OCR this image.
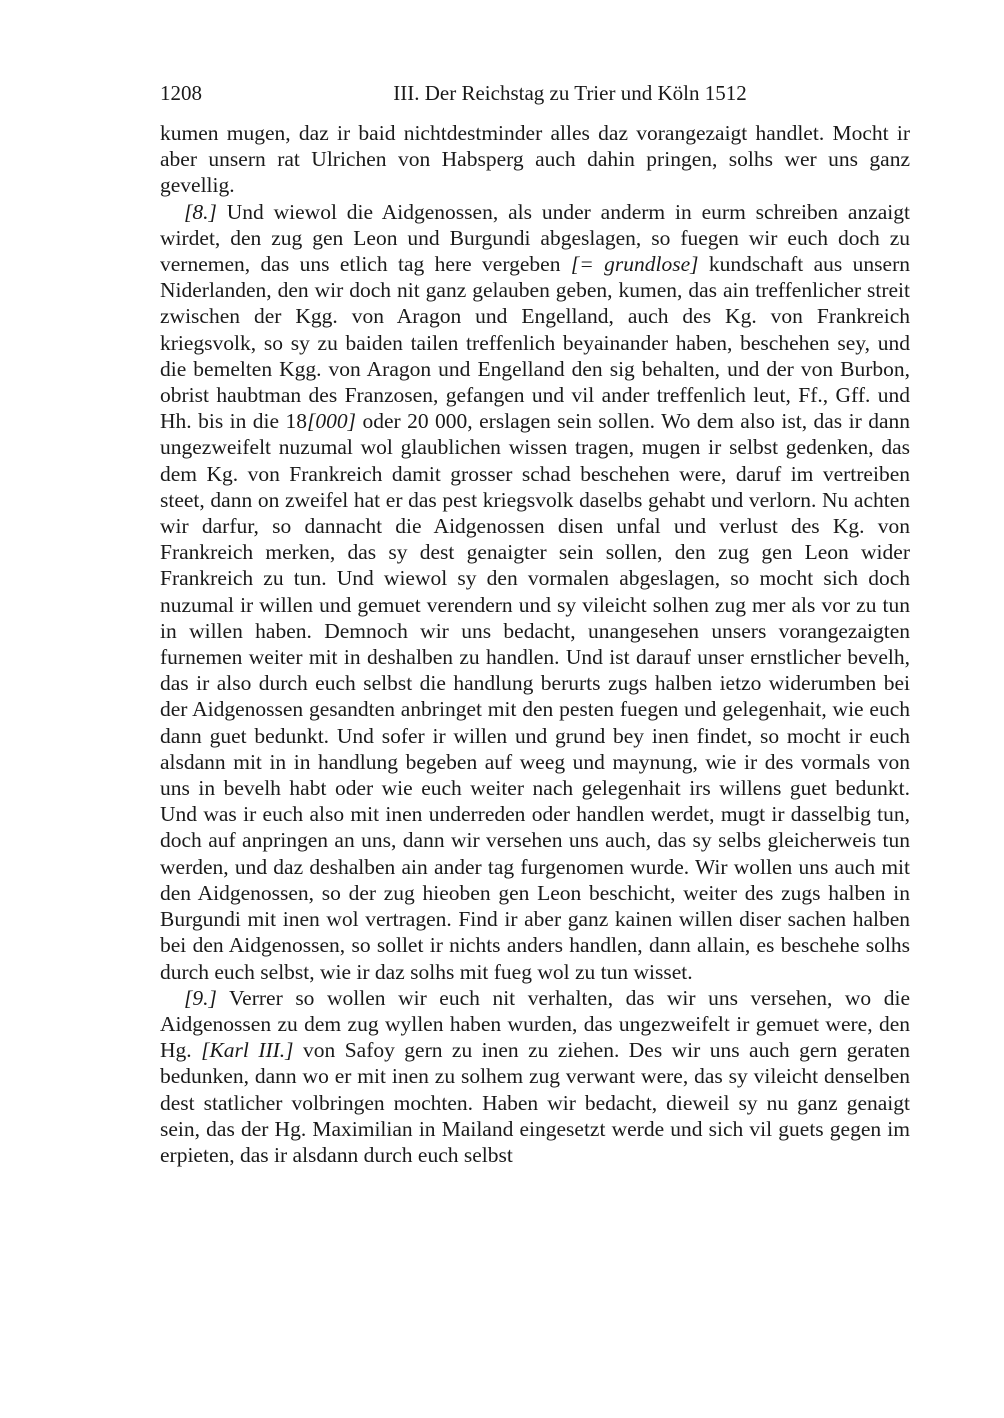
1208	III. Der Reichstag zu Trier und Köln 1512

kumen mugen, daz ir baid nichtdestminder alles daz vorangezaigt handlet. Mocht ir aber unsern rat Ulrichen von Habsperg auch dahin pringen, solhs wer uns ganz gevellig.

[8.] Und wiewol die Aidgenossen, als under anderm in eurm schreiben anzaigt wirdet, den zug gen Leon und Burgundi abgeslagen, so fuegen wir euch doch zu vernemen, das uns etlich tag here vergeben [= grundlose] kundschaft aus unsern Niderlanden, den wir doch nit ganz gelauben geben, kumen, das ain treffenlicher streit zwischen der Kgg. von Aragon und Engelland, auch des Kg. von Frankreich kriegsvolk, so sy zu baiden tailen treffenlich beyainander haben, beschehen sey, und die bemelten Kgg. von Aragon und Engelland den sig behalten, und der von Burbon, obrist haubtman des Franzosen, gefangen und vil ander treffenlich leut, Ff., Gff. und Hh. bis in die 18[000] oder 20 000, erslagen sein sollen. Wo dem also ist, das ir dann ungezweifelt nuzumal wol glaublichen wissen tragen, mugen ir selbst gedenken, das dem Kg. von Frankreich damit grosser schad beschehen were, daruf im vertreiben steet, dann on zweifel hat er das pest kriegsvolk daselbs gehabt und verlorn. Nu achten wir darfur, so dannacht die Aidgenossen disen unfal und verlust des Kg. von Frankreich merken, das sy dest genaigter sein sollen, den zug gen Leon wider Frankreich zu tun. Und wiewol sy den vormalen abgeslagen, so mocht sich doch nuzumal ir willen und gemuet verendern und sy vileicht solhen zug mer als vor zu tun in willen haben. Demnoch wir uns bedacht, unangesehen unsers vorangezaigten furnemen weiter mit in deshalben zu handlen. Und ist darauf unser ernstlicher bevelh, das ir also durch euch selbst die handlung berurts zugs halben ietzo widerumben bei der Aidgenossen gesandten anbringet mit den pesten fuegen und gelegenhait, wie euch dann guet bedunkt. Und sofer ir willen und grund bey inen findet, so mocht ir euch alsdann mit in in handlung begeben auf weeg und maynung, wie ir des vormals von uns in bevelh habt oder wie euch weiter nach gelegenhait irs willens guet bedunkt. Und was ir euch also mit inen underreden oder handlen werdet, mugt ir dasselbig tun, doch auf anpringen an uns, dann wir versehen uns auch, das sy selbs gleicherweis tun werden, und daz deshalben ain ander tag furgenomen wurde. Wir wollen uns auch mit den Aidgenossen, so der zug hieoben gen Leon beschicht, weiter des zugs halben in Burgundi mit inen wol vertragen. Find ir aber ganz kainen willen diser sachen halben bei den Aidgenossen, so sollet ir nichts anders handlen, dann allain, es beschehe solhs durch euch selbst, wie ir daz solhs mit fueg wol zu tun wisset.

[9.] Verrer so wollen wir euch nit verhalten, das wir uns versehen, wo die Aidgenossen zu dem zug wyllen haben wurden, das ungezweifelt ir gemuet were, den Hg. [Karl III.] von Safoy gern zu inen zu ziehen. Des wir uns auch gern geraten bedunken, dann wo er mit inen zu solhem zug verwant were, das sy vileicht denselben dest statlicher volbringen mochten. Haben wir bedacht, dieweil sy nu ganz genaigt sein, das der Hg. Maximilian in Mailand eingesetzt werde und sich vil guets gegen im erpieten, das ir alsdann durch euch selbst
